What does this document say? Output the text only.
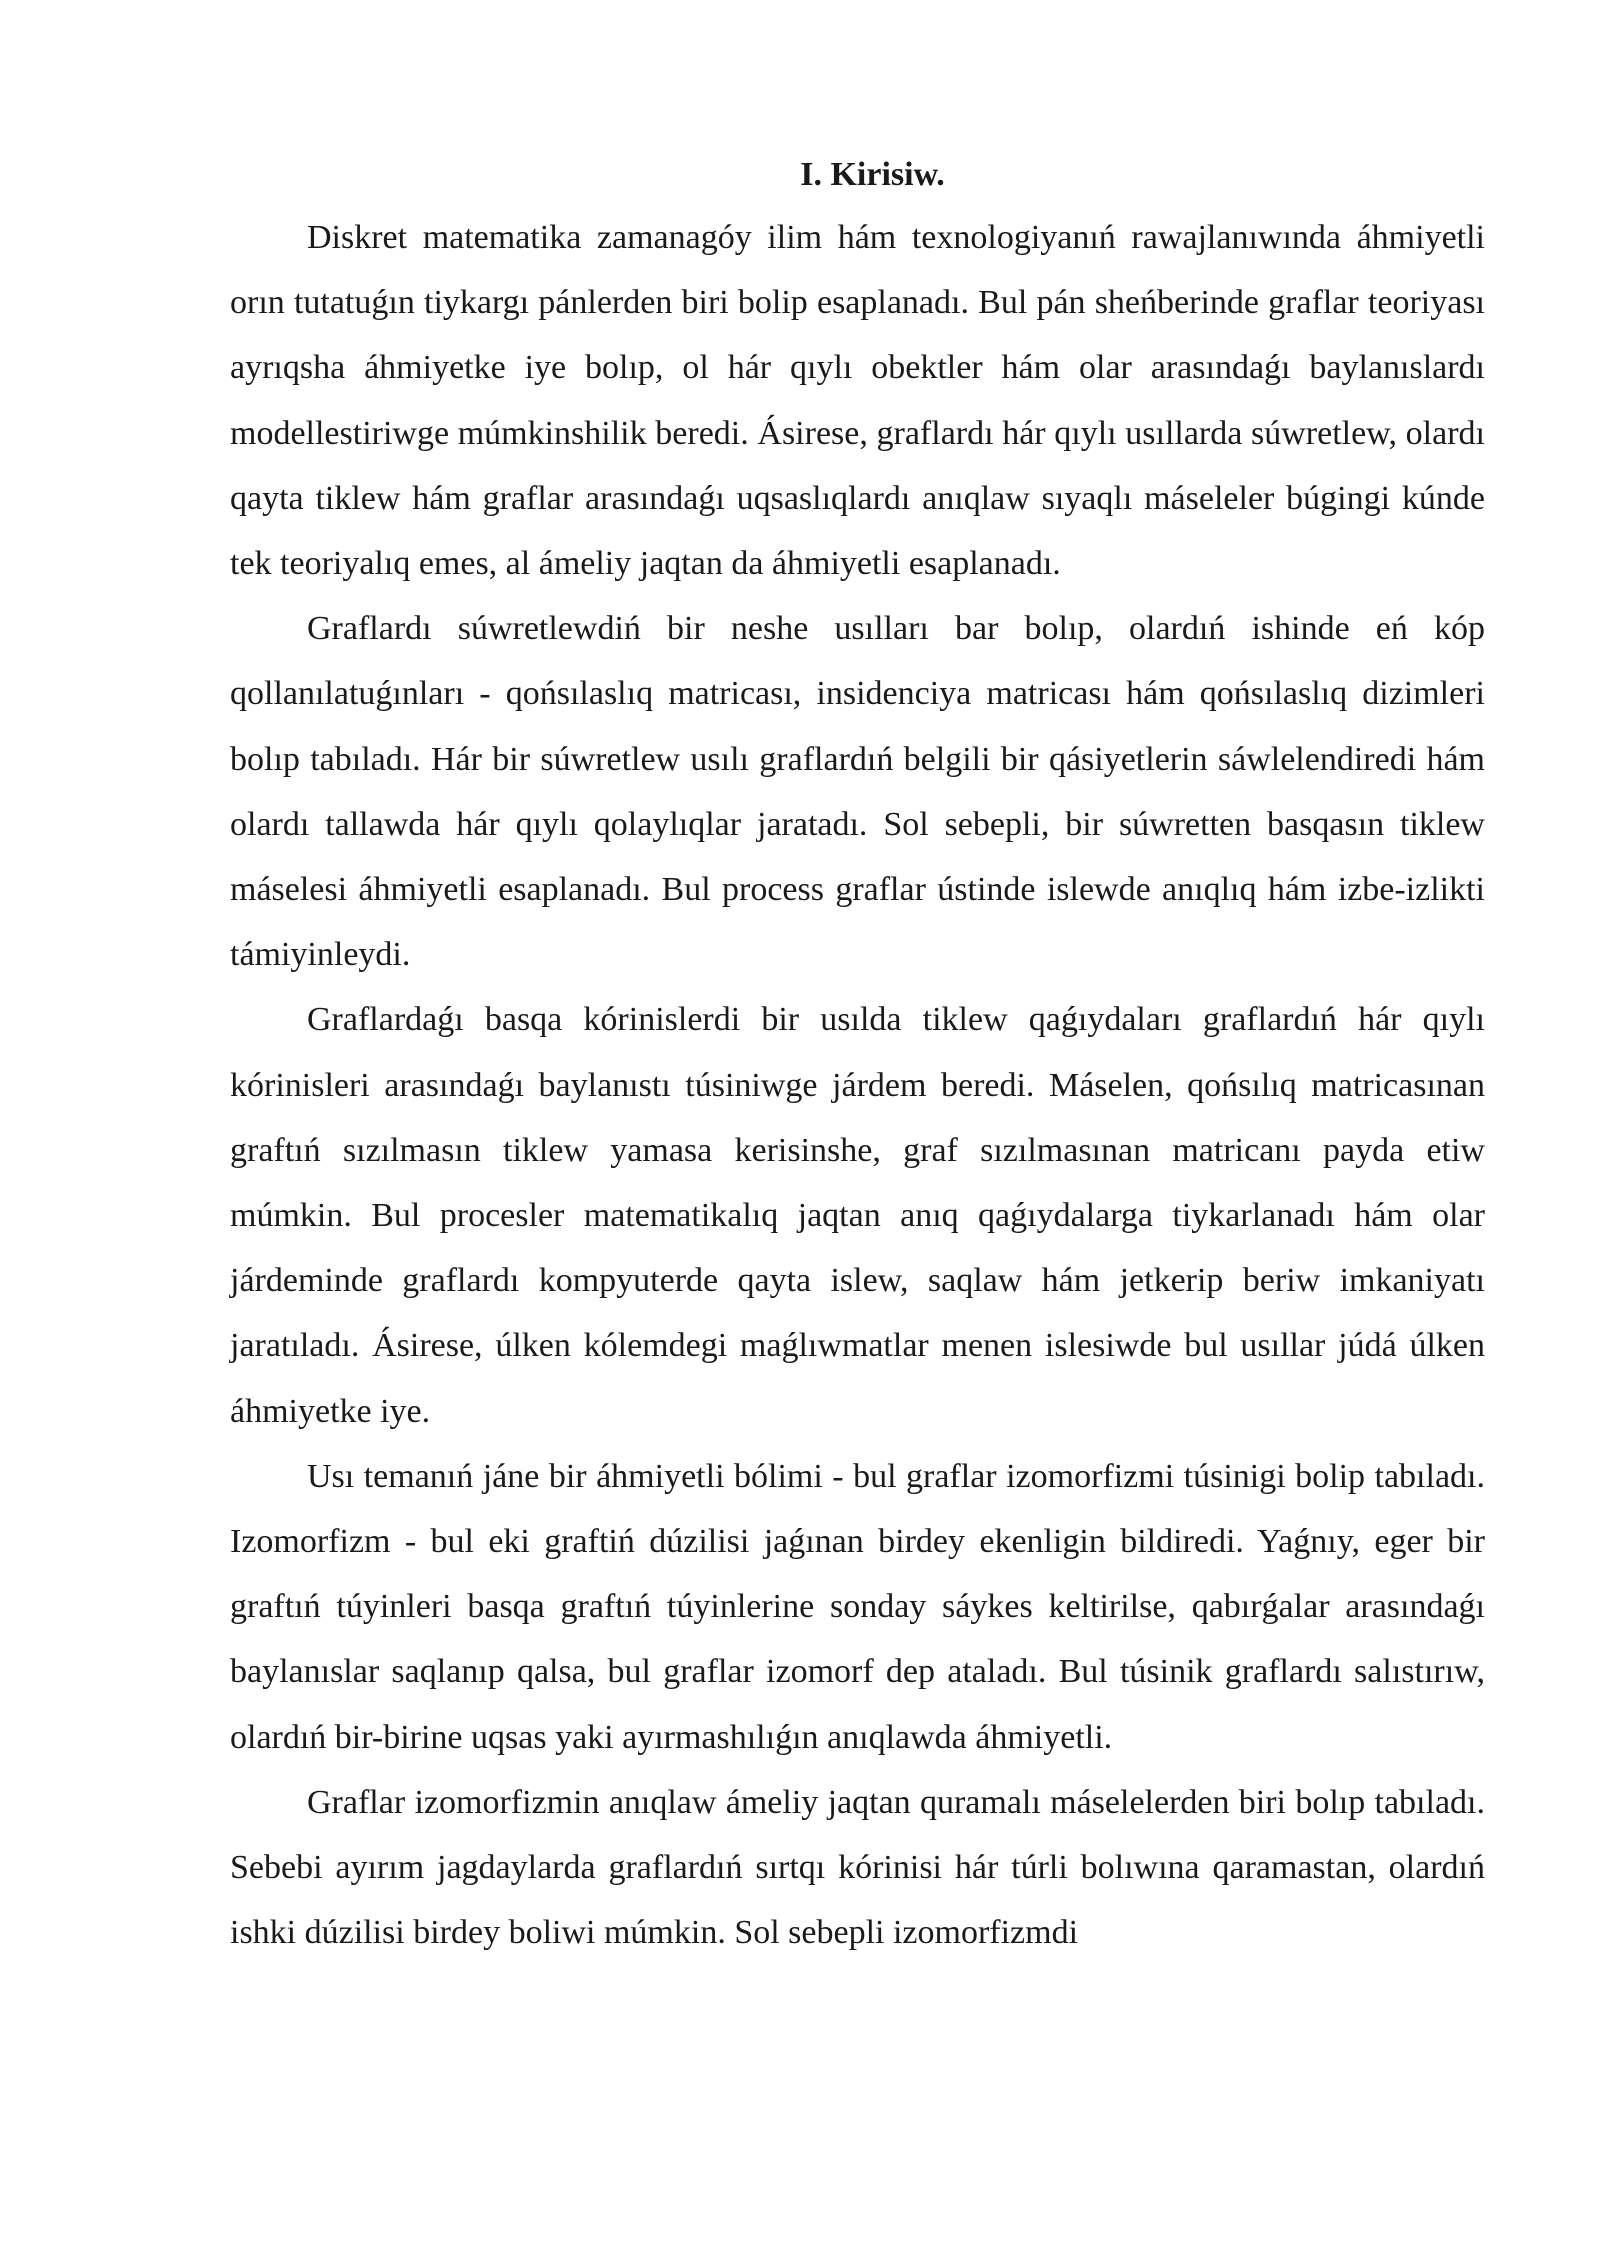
I. Kirisiw.

Diskret matematika zamanagóy ilim hám texnologiyanıń rawajlanıwında áhmiyetli orın tutatuǵın tiykargı pánlerden biri bolip esaplanadı. Bul pán sheńberinde graflar teoriyası ayrıqsha áhmiyetke iye bolıp, ol hár qıylı obektler hám olar arasındaǵı baylanıslardı modellestiriwge múmkinshilik beredi. Ásirese, graflardı hár qıylı usıllarda súwretlew, olardı qayta tiklew hám graflar arasındaǵı uqsaslıqlardı anıqlaw sıyaqlı máseleler búgingi kúnde tek teoriyalıq emes, al ámeliy jaqtan da áhmiyetli esaplanadı.

Graflardı súwretlewdiń bir neshe usılları bar bolıp, olardıń ishinde eń kóp qollanılatuǵınları - qońsılaslıq matricası, insidenciya matricası hám qońsılaslıq dizimleri bolıp tabıladı. Hár bir súwretlew usılı graflardıń belgili bir qásiyetlerin sáwlelendiredi hám olardı tallawda hár qıylı qolaylıqlar jaratadı. Sol sebepli, bir súwretten basqasın tiklew máselesi áhmiyetli esaplanadı. Bul process graflar ústinde islewde anıqlıq hám izbe-izlikti támiyinleydi.

Graflardaǵı basqa kórinislerdi bir usılda tiklew qaǵıydaları graflardıń hár qıylı kórinisleri arasındaǵı baylanıstı túsiniwge járdem beredi. Máselen, qońsılıq matricasınan graftıń sızılmasın tiklew yamasa kerisinshe, graf sızılmasınan matricanı payda etiw múmkin. Bul procesler matematikalıq jaqtan anıq qaǵıydalarga tiykarlanadı hám olar járdeminde graflardı kompyuterde qayta islew, saqlaw hám jetkerip beriw imkaniyatı jaratıladı. Ásirese, úlken kólemdegi maǵlıwmatlar menen islesiwde bul usıllar júdá úlken áhmiyetke iye.

Usı temanıń jáne bir áhmiyetli bólimi - bul graflar izomorfizmi túsinigi bolip tabıladı. Izomorfizm - bul eki graftiń dúzilisi jaǵınan birdey ekenligin bildiredi. Yaǵnıy, eger bir graftıń túyinleri basqa graftıń túyinlerine sonday sáykes keltirilse, qabırǵalar arasındaǵı baylanıslar saqlanıp qalsa, bul graflar izomorf dep ataladı. Bul túsinik graflardı salıstırıw, olardıń bir-birine uqsas yaki ayırmashılıǵın anıqlawda áhmiyetli.

Graflar izomorfizmin anıqlaw ámeliy jaqtan quramalı máselelerden biri bolıp tabıladı. Sebebi ayırım jagdaylarda graflardıń sırtqı kórinisi hár túrli bolıwına qaramastan, olardıń ishki dúzilisi birdey boliwi múmkin. Sol sebepli izomorfizmdi
